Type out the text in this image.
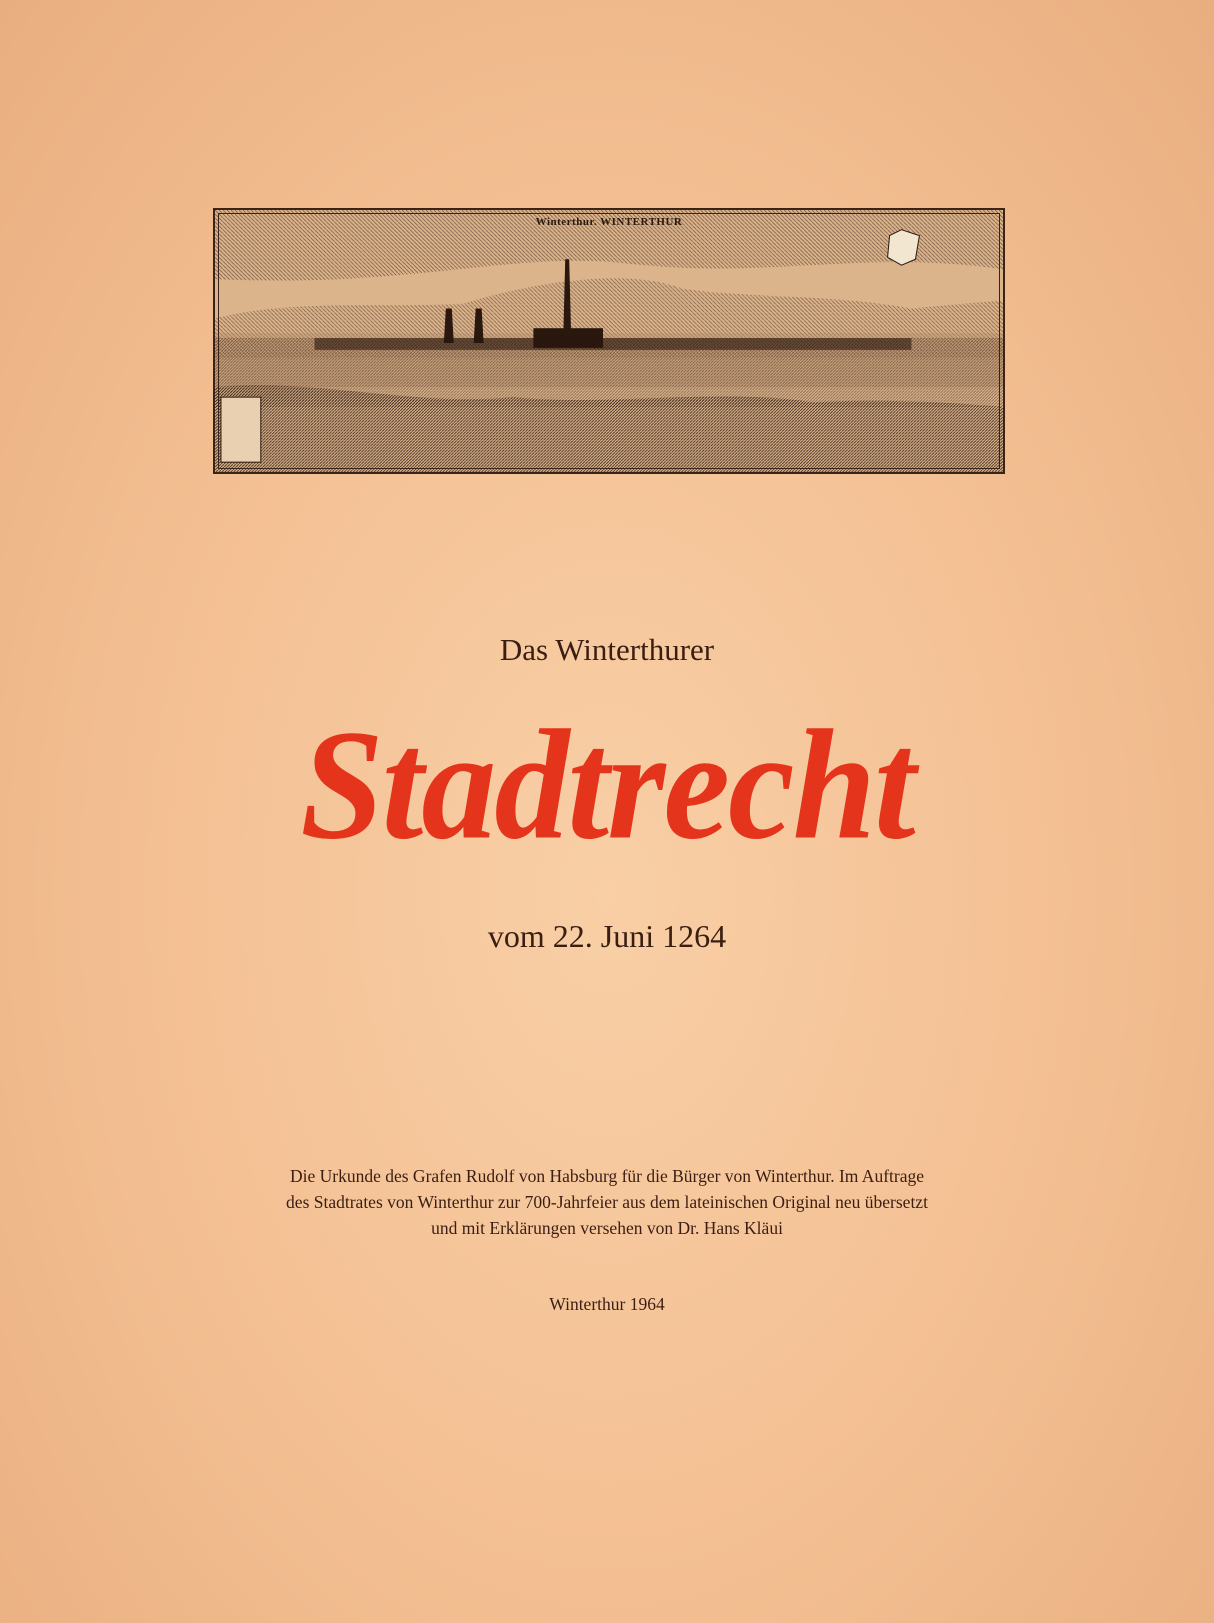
Winterthur. WINTERTHUR
Das Winterthurer
Stadtrecht
vom 22. Juni 1264
Die Urkunde des Grafen Rudolf von Habsburg für die Bürger von Winterthur. Im Auftrage
des Stadtrates von Winterthur zur 700-Jahrfeier aus dem lateinischen Original neu übersetzt
und mit Erklärungen versehen von Dr. Hans Kläui
Winterthur 1964
